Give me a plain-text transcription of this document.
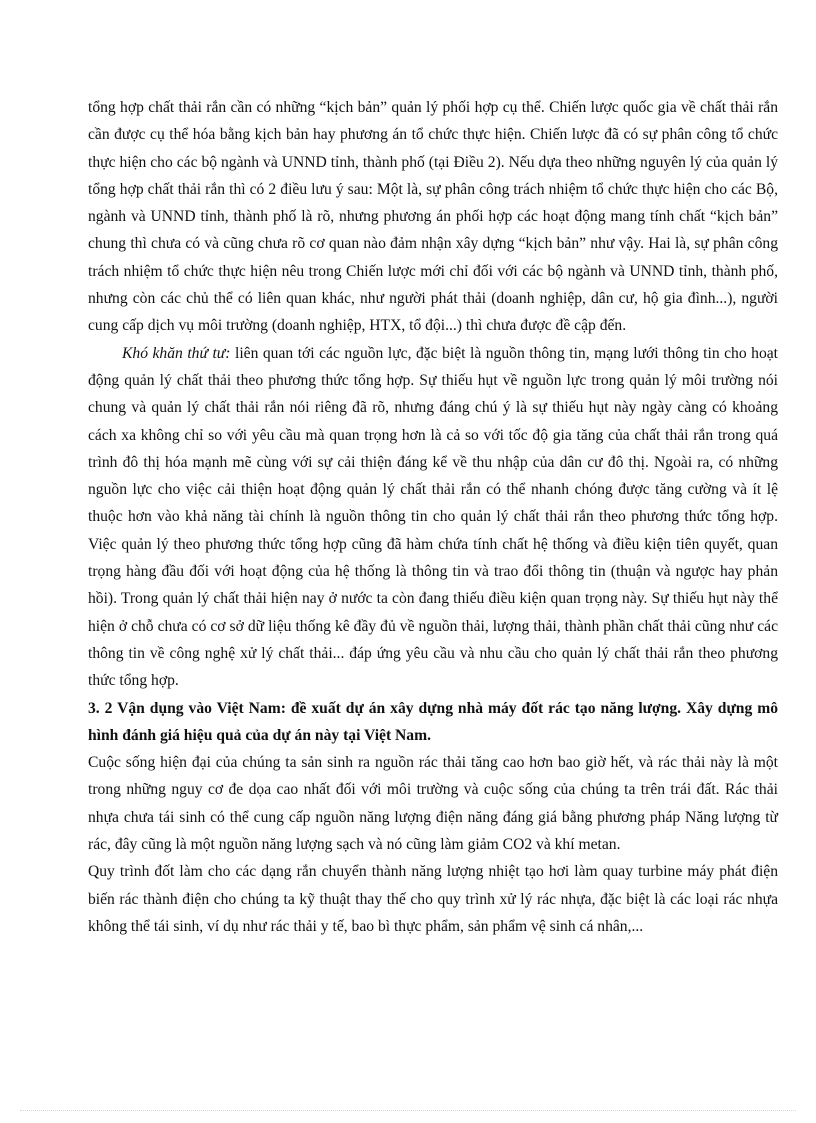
tổng hợp chất thải rắn cần có những “kịch bản” quản lý phối hợp cụ thể. Chiến lược quốc gia về chất thải rắn cần được cụ thể hóa bằng kịch bản hay phương án tổ chức thực hiện. Chiến lược đã có sự phân công tổ chức thực hiện cho các bộ ngành và UNND tỉnh, thành phố (tại Điều 2). Nếu dựa theo những nguyên lý của quản lý tổng hợp chất thải rắn thì có 2 điều lưu ý sau: Một là, sự phân công trách nhiệm tổ chức thực hiện cho các Bộ, ngành và UNND tỉnh, thành phố là rõ, nhưng phương án phối hợp các hoạt động mang tính chất “kịch bản” chung thì chưa có và cũng chưa rõ cơ quan nào đảm nhận xây dựng “kịch bản” như vậy. Hai là, sự phân công trách nhiệm tổ chức thực hiện nêu trong Chiến lược mới chỉ đối với các bộ ngành và UNND tỉnh, thành phố, nhưng còn các chủ thể có liên quan khác, như người phát thải (doanh nghiệp, dân cư, hộ gia đình...), người cung cấp dịch vụ môi trường (doanh nghiệp, HTX, tổ đội...) thì chưa được đề cập đến.

Khó khăn thứ tư: liên quan tới các nguồn lực, đặc biệt là nguồn thông tin, mạng lưới thông tin cho hoạt động quản lý chất thải theo phương thức tổng hợp. Sự thiếu hụt về nguồn lực trong quản lý môi trường nói chung và quản lý chất thải rắn nói riêng đã rõ, nhưng đáng chú ý là sự thiếu hụt này ngày càng có khoảng cách xa không chỉ so với yêu cầu mà quan trọng hơn là cả so với tốc độ gia tăng của chất thải rắn trong quá trình đô thị hóa mạnh mẽ cùng với sự cải thiện đáng kể về thu nhập của dân cư đô thị. Ngoài ra, có những nguồn lực cho việc cải thiện hoạt động quản lý chất thải rắn có thể nhanh chóng được tăng cường và ít lệ thuộc hơn vào khả năng tài chính là nguồn thông tin cho quản lý chất thải rắn theo phương thức tổng hợp. Việc quản lý theo phương thức tổng hợp cũng đã hàm chứa tính chất hệ thống và điều kiện tiên quyết, quan trọng hàng đầu đối với hoạt động của hệ thống là thông tin và trao đổi thông tin (thuận và ngược hay phản hồi). Trong quản lý chất thải hiện nay ở nước ta còn đang thiếu điều kiện quan trọng này. Sự thiếu hụt này thể hiện ở chỗ chưa có cơ sở dữ liệu thống kê đầy đủ về nguồn thải, lượng thải, thành phần chất thải cũng như các thông tin về công nghệ xử lý chất thải... đáp ứng yêu cầu và nhu cầu cho quản lý chất thải rắn theo phương thức tổng hợp.

3. 2 Vận dụng vào Việt Nam: đề xuất dự án xây dựng nhà máy đốt rác tạo năng lượng. Xây dựng mô hình đánh giá hiệu quả của dự án này tại Việt Nam.

Cuộc sống hiện đại của chúng ta sản sinh ra nguồn rác thải tăng cao hơn bao giờ hết, và rác thải này là một trong những nguy cơ đe dọa cao nhất đối với môi trường và cuộc sống của chúng ta trên trái đất. Rác thải nhựa chưa tái sinh có thể cung cấp nguồn năng lượng điện năng đáng giá bằng phương pháp Năng lượng từ rác, đây cũng là một nguồn năng lượng sạch và nó cũng làm giảm CO2 và khí metan.

Quy trình đốt làm cho các dạng rắn chuyển thành năng lượng nhiệt tạo hơi làm quay turbine máy phát điện biến rác thành điện cho chúng ta kỹ thuật thay thế cho quy trình xử lý rác nhựa, đặc biệt là các loại rác nhựa không thể tái sinh, ví dụ như rác thải y tế, bao bì thực phẩm, sản phẩm vệ sinh cá nhân,...
